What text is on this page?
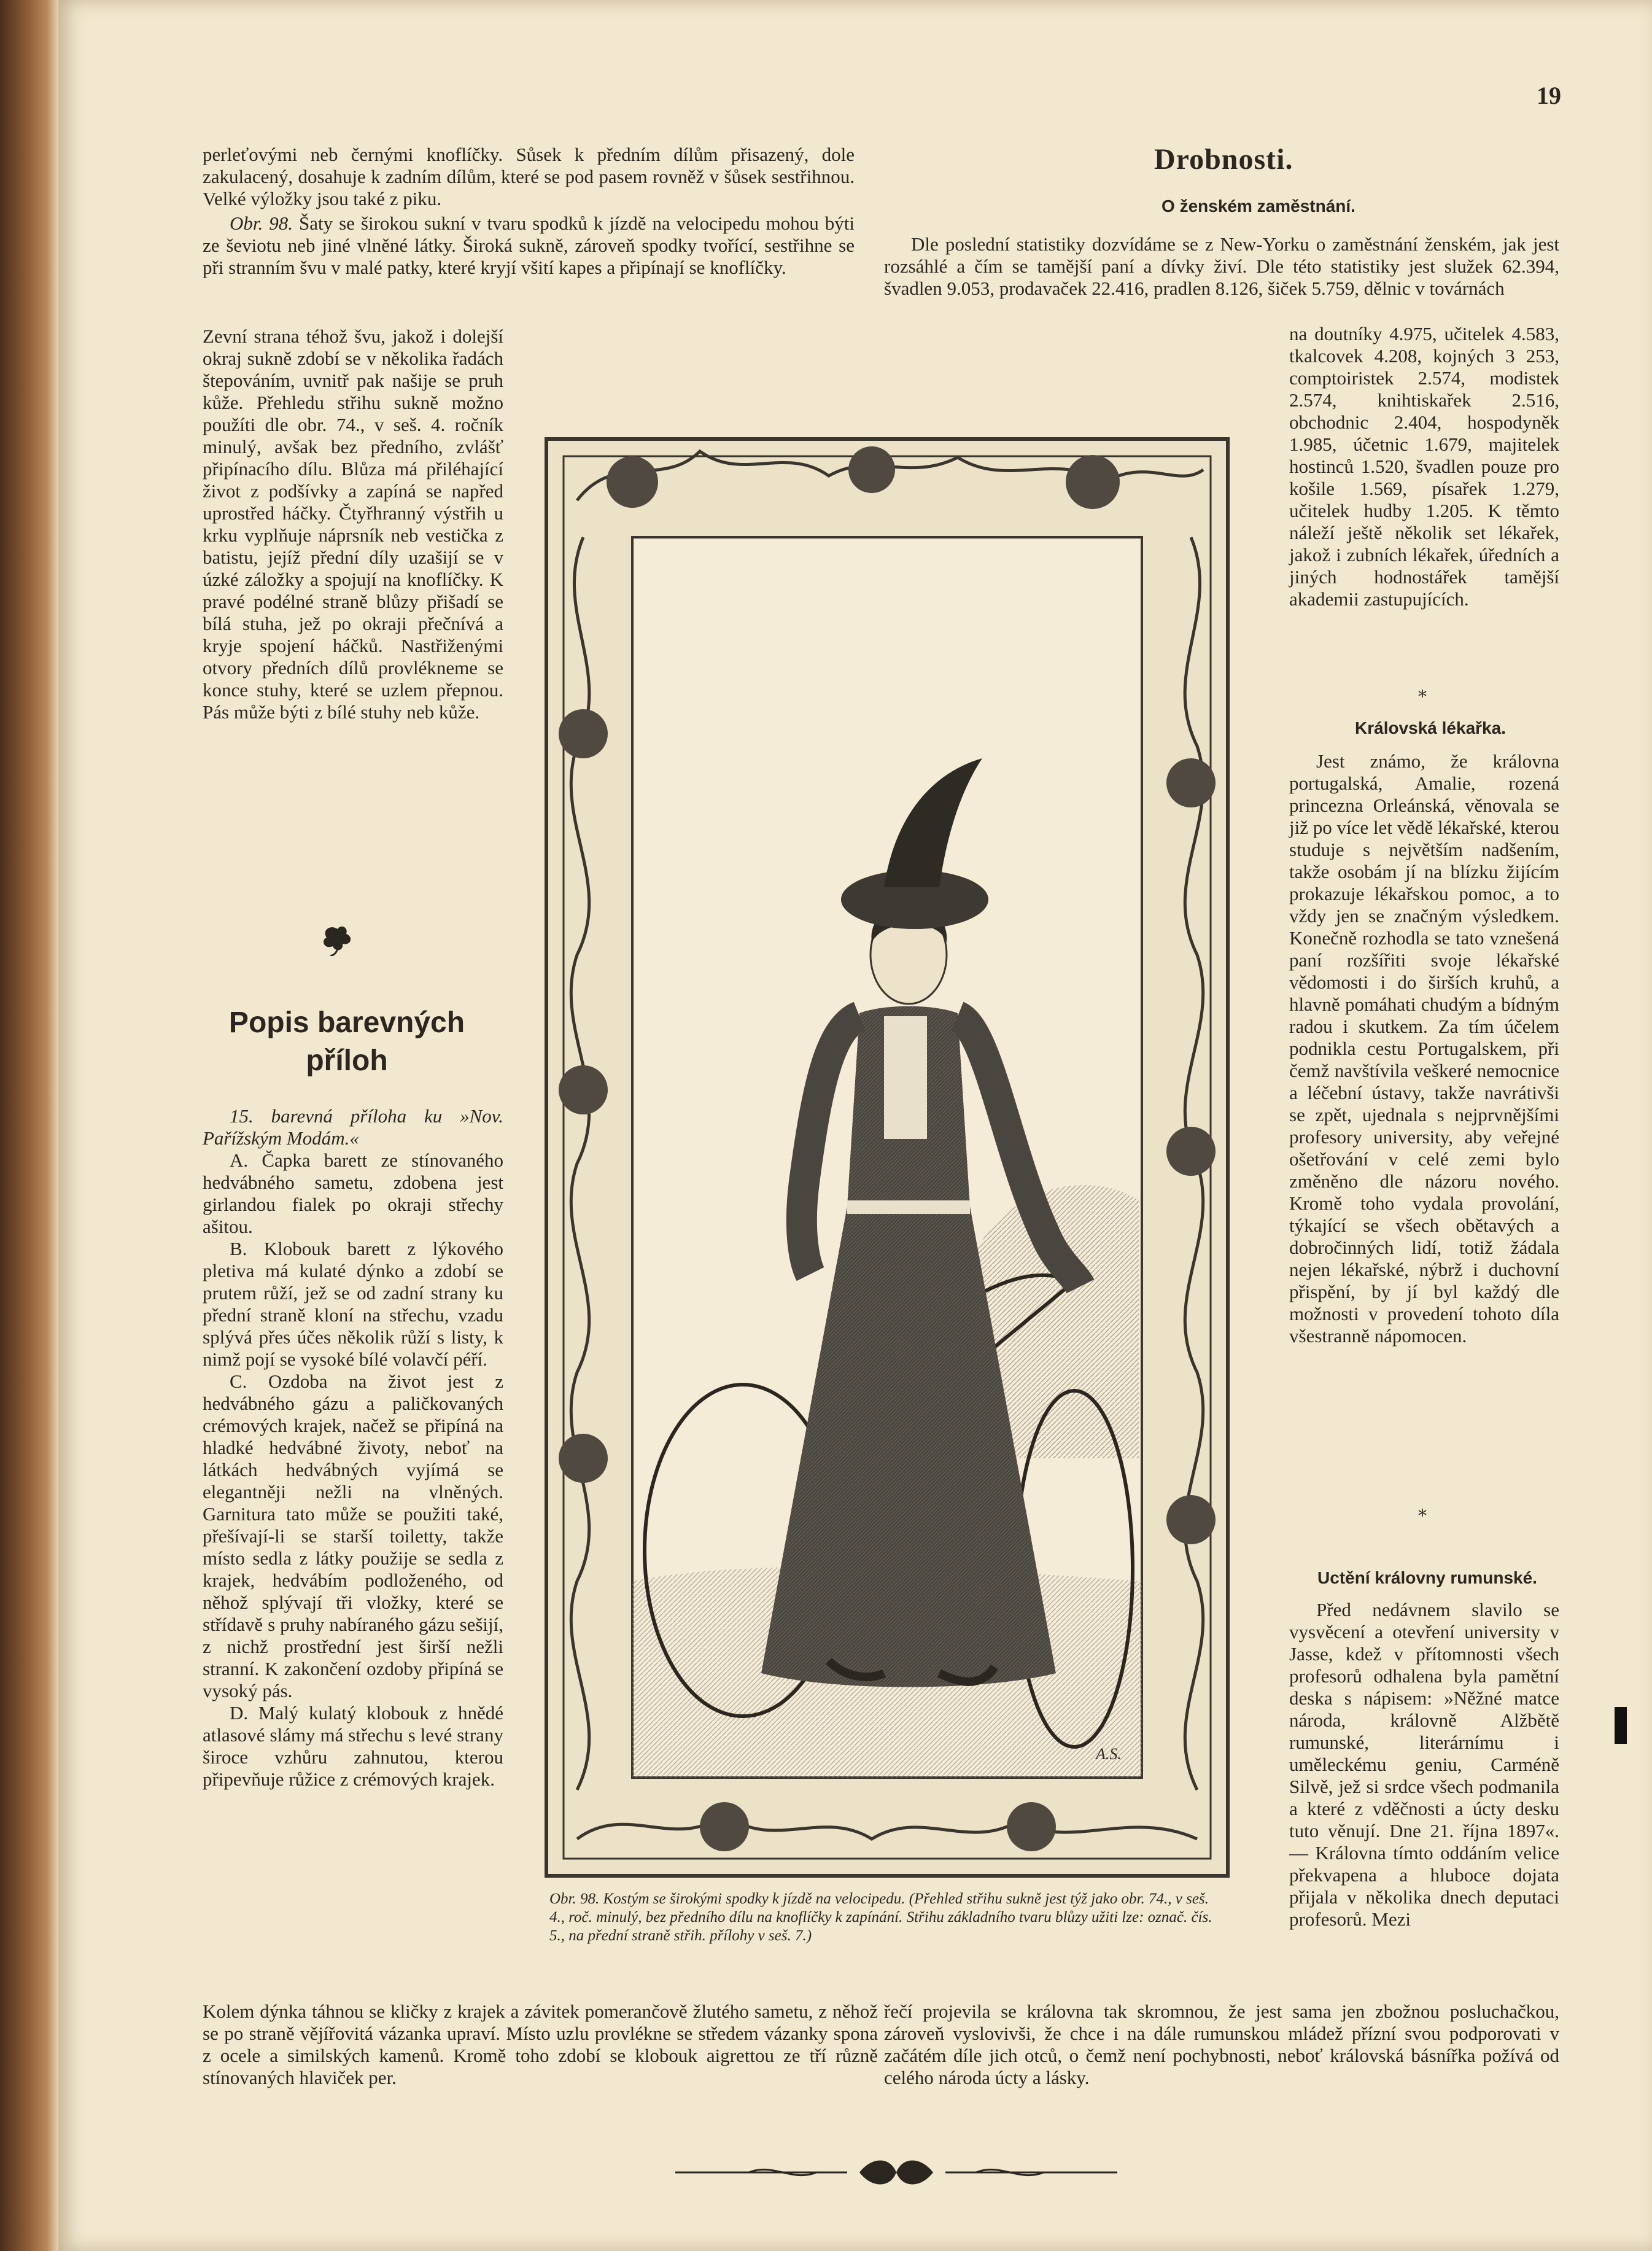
19

perleťovými neb černými knoflíčky. Sůsek k předním dílům přisazený, dole zakulacený, dosahuje k zadním dílům, které se pod pasem rovněž v šůsek sestřihnou. Velké výložky jsou také z piku.

Obr. 98. Šaty se širokou sukní v tvaru spodků k jízdě na velocipedu mohou býti ze ševiotu neb jiné vlněné látky. Široká sukně, zároveň spodky tvořící, sestřihne se při stranním švu v malé patky, které kryjí všití kapes a připínají se knoflíčky.

Zevní strana téhož švu, jakož i dolejší okraj sukně zdobí se v několika řadách štepováním, uvnitř pak našije se pruh kůže. Přehledu střihu sukně možno použíti dle obr. 74., v seš. 4. ročník minulý, avšak bez předního, zvlášť připínacího dílu. Blůza má přiléhající život z podšívky a zapíná se napřed uprostřed háčky. Čtyřhranný výstřih u krku vyplňuje náprsník neb vestička z batistu, jejíž přední díly uzašijí se v úzké záložky a spojují na knoflíčky. K pravé podélné straně blůzy přišadí se bílá stuha, jež po okraji přečnívá a kryje spojení háčků. Nastřiženými otvory předních dílů provlékneme se konce stuhy, které se uzlem přepnou. Pás může býti z bílé stuhy neb kůže.

Popis barevných příloh

15. barevná příloha ku »Nov. Pařížským Modám.«

A. Čapka barett ze stínovaného hedvábného sametu, zdobena jest girlandou fialek po okraji střechy ašitou.

B. Klobouk barett z lýkového pletiva má kulaté dýnko a zdobí se prutem růží, jež se od zadní strany ku přední straně kloní na střechu, vzadu splývá přes účes několik růží s listy, k nimž pojí se vysoké bílé volavčí péří.

C. Ozdoba na život jest z hedvábného gázu a paličkovaných crémových krajek, načež se připíná na hladké hedvábné životy, neboť na látkách hedvábných vyjímá se elegantněji nežli na vlněných. Garnitura tato může se použiti také, přešívají-li se starší toiletty, takže místo sedla z látky použije se sedla z krajek, hedvábím podloženého, od něhož splývají tři vložky, které se střídavě s pruhy nabíraného gázu sešijí, z nichž prostřední jest širší nežli stranní. K zakončení ozdoby připíná se vysoký pás.

D. Malý kulatý klobouk z hnědé atlasové slámy má střechu s levé strany široce vzhůru zahnutou, kterou připevňuje růžice z crémových krajek.

Kolem dýnka táhnou se kličky z krajek a závitek pomerančově žlutého sametu, z něhož se po straně vějířovitá vázanka upraví. Místo uzlu provlékne se středem vázanky spona z ocele a similských kamenů. Kromě toho zdobí se klobouk aigrettou ze tří různě stínovaných hlaviček per.

Drobnosti.
O ženském zaměstnání.

Dle poslední statistiky dozvídáme se z New-Yorku o zaměstnání ženském, jak jest rozsáhlé a čím se tamější paní a dívky živí. Dle této statistiky jest služek 62.394, švadlen 9.053, prodavaček 22.416, pradlen 8.126, šiček 5.759, dělnic v továrnách

na doutníky 4.975, učitelek 4.583, tkalcovek 4.208, kojných 3 253, comptoiristek 2.574, modistek 2.574, knihtiskařek 2.516, obchodnic 2.404, hospodyněk 1.985, účetnic 1.679, majitelek hostinců 1.520, švadlen pouze pro košile 1.569, písařek 1.279, učitelek hudby 1.205. K těmto náleží ještě několik set lékařek, jakož i zubních lékařek, úředních a jiných hodnostářek tamější akademii zastupujících.

*
Královská lékařka.

Jest známo, že královna portugalská, Amalie, rozená princezna Orleánská, věnovala se již po více let vědě lékařské, kterou studuje s největším nadšením, takže osobám jí na blízku žijícím prokazuje lékařskou pomoc, a to vždy jen se značným výsledkem. Konečně rozhodla se tato vznešená paní rozšířiti svoje lékařské vědomosti i do širších kruhů, a hlavně pomáhati chudým a bídným radou i skutkem. Za tím účelem podnikla cestu Portugalskem, při čemž navštívila veškeré nemocnice a léčební ústavy, takže navrátivši se zpět, ujednala s nejprvnějšími profesory university, aby veřejné ošetřování v celé zemi bylo změněno dle názoru nového. Kromě toho vydala provolání, týkající se všech obětavých a dobročinných lidí, totiž žádala nejen lékařské, nýbrž i duchovní přispění, by jí byl každý dle možnosti v provedení tohoto díla všestranně nápomocen.

*
Uctění královny rumunské.

Před nedávnem slavilo se vysvěcení a otevření university v Jasse, kdež v přítomnosti všech profesorů odhalena byla pamětní deska s nápisem: »Něžné matce národa, královně Alžbětě rumunské, literárnímu i uměleckému geniu, Carméně Silvě, jež si srdce všech podmanila a které z vděčnosti a úcty desku tuto věnují. Dne 21. října 1897«. — Královna tímto oddáním velice překvapena a hluboce dojata přijala v několika dnech deputaci profesorů. Mezi

řečí projevila se královna tak skromnou, že jest sama jen zbožnou posluchačkou, zároveň vyslovivši, že chce i na dále rumunskou mládež přízní svou podporovati v začátém díle jich otců, o čemž není pochybnosti, neboť královská básnířka požívá od celého národa úcty a lásky.

A.S.
Obr. 98. Kostým se širokými spodky k jízdě na velocipedu. (Přehled střihu sukně jest týž jako obr. 74., v seš. 4., roč. minulý, bez předního dílu na knoflíčky k zapínání. Střihu základního tvaru blůzy užiti lze: označ. čís. 5., na přední straně střih. přílohy v seš. 7.)
